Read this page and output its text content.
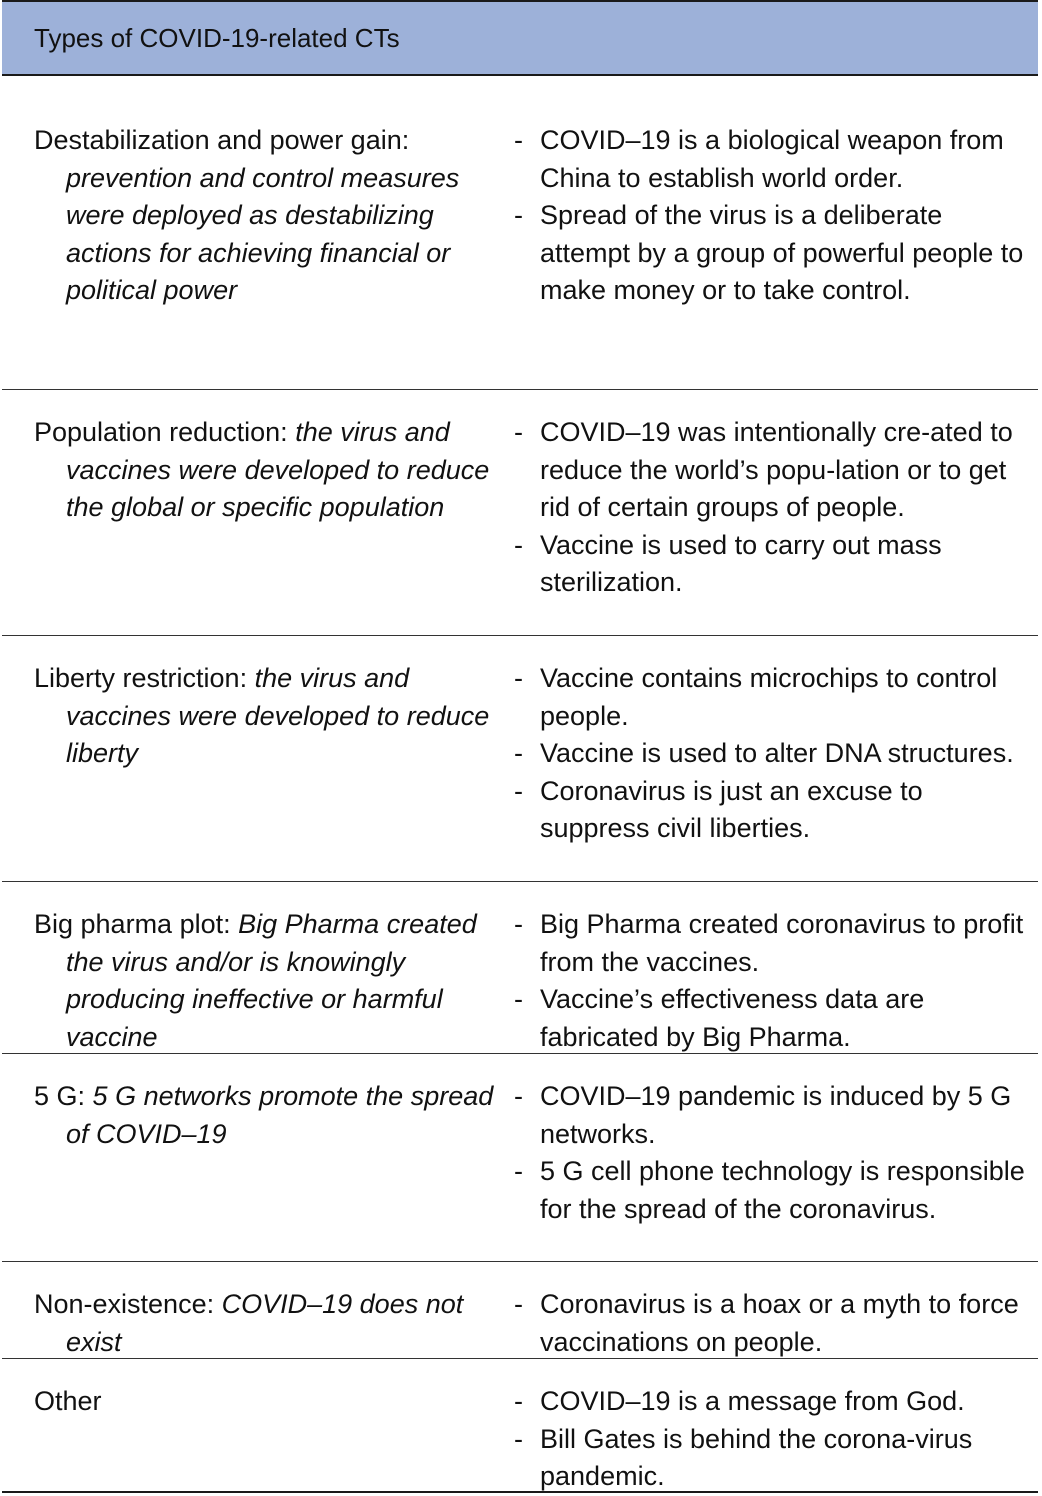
Types of COVID-19-related CTs
Destabilization and power gain: prevention and control measures were deployed as destabilizing actions for achieving financial or political power
- COVID–19 is a biological weapon from China to establish world order.
- Spread of the virus is a deliberate attempt by a group of powerful people to make money or to take control.
Population reduction: the virus and vaccines were developed to reduce the global or specific population
- COVID–19 was intentionally cre-ated to reduce the world’s popu-lation or to get rid of certain groups of people.
- Vaccine is used to carry out mass sterilization.
Liberty restriction: the virus and vaccines were developed to reduce liberty
- Vaccine contains microchips to control people.
- Vaccine is used to alter DNA structures.
- Coronavirus is just an excuse to suppress civil liberties.
Big pharma plot: Big Pharma created the virus and/or is knowingly producing ineffective or harmful vaccine
- Big Pharma created coronavirus to profit from the vaccines.
- Vaccine’s effectiveness data are fabricated by Big Pharma.
5 G: 5 G networks promote the spread of COVID–19
- COVID–19 pandemic is induced by 5 G networks.
- 5 G cell phone technology is responsible for the spread of the coronavirus.
Non-existence: COVID–19 does not exist
- Coronavirus is a hoax or a myth to force vaccinations on people.
Other	- COVID–19 is a message from God.
- Bill Gates is behind the corona-virus pandemic.
